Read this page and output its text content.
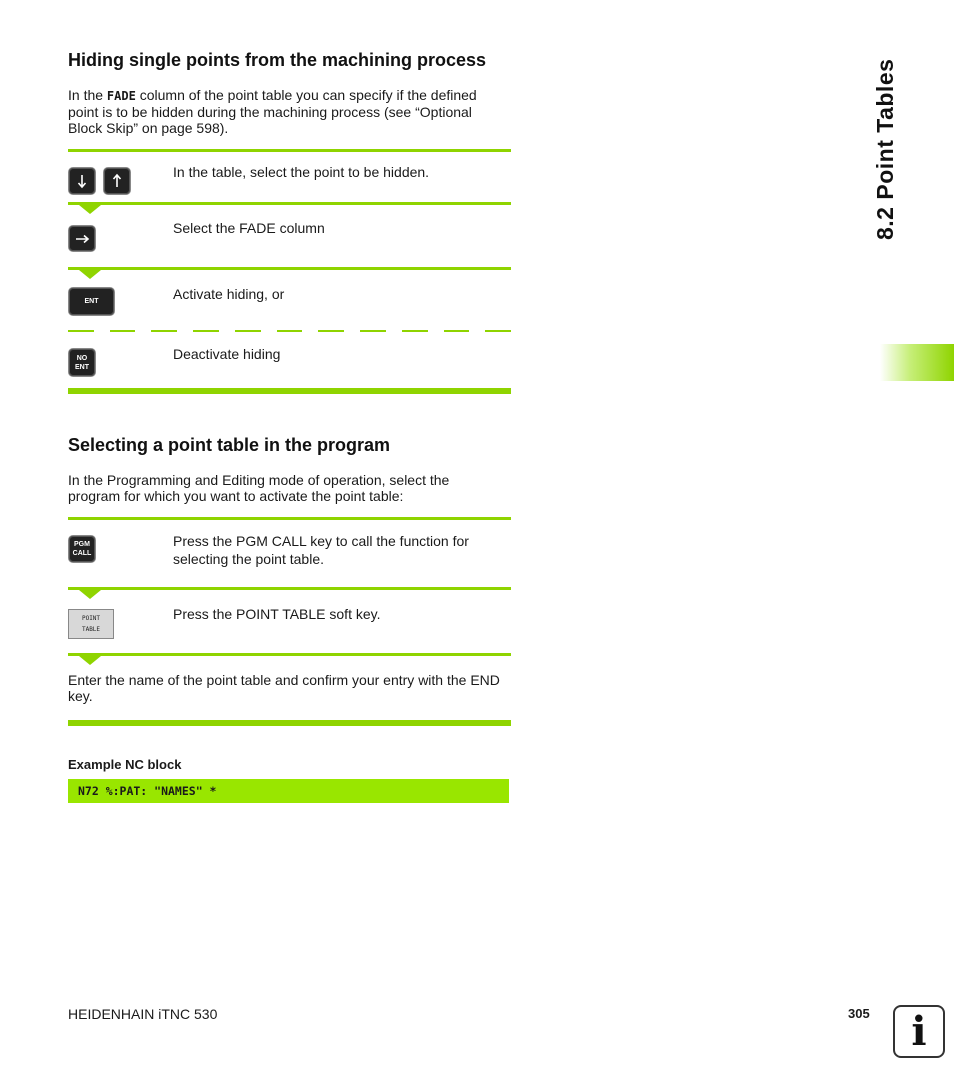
Hiding single points from the machining process
In the FADE column of the point table you can specify if the defined point is to be hidden during the machining process (see “Optional Block Skip” on page 598).
In the table, select the point to be hidden.
Select the FADE column
ENT	Activate hiding, or
NO
ENT
Deactivate hiding
Selecting a point table in the program
In the Programming and Editing mode of operation, select the program for which you want to activate the point table:
PGM
CALL
Press the PGM CALL key to call the function for selecting the point table.
POINT
TABLE
Press the POINT TABLE soft key.
Enter the name of the point table and confirm your entry with the END key.
Example NC block
N72 %:PAT: "NAMES" *
8.2 Point Tables
HEIDENHAIN iTNC 530	305 i
